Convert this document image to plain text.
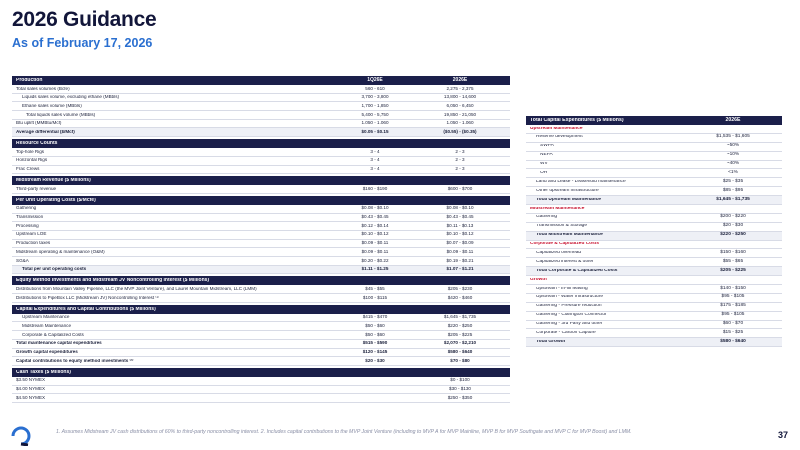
2026 Guidance
As of February 17, 2026
Production	1Q26E	2026E
Total sales volumes (Bcfe)	560 - 610	2,275 - 2,375
Liquids sales volume, excluding ethane (MBbls)	3,700 - 3,800	13,800 - 14,600
Ethane sales volume (MBbls)	1,700 - 1,850	6,050 - 6,450
Total liquids sales volume (MBbls)	5,400 - 5,750	19,850 - 21,050
Btu uplift (MMBtu/Mcf)	1.050 - 1.060	1.050 - 1.060
Average differential ($/Mcf)	$0.05 - $0.15	($0.55) - ($0.35)
Resource Counts
Top-hole Rigs	3 - 4	2 - 3
Horizontal Rigs	3 - 4	2 - 3
Frac Crews	3 - 4	2 - 3
Midstream Revenue ($ Millions)
Third-party revenue	$160 - $190	$600 - $700
Per Unit Operating Costs ($/Mcfe)
Gathering	$0.08 - $0.10	$0.08 - $0.10
Transmission	$0.43 - $0.45	$0.43 - $0.45
Processing	$0.12 - $0.14	$0.11 - $0.13
Upstream LOE	$0.10 - $0.12	$0.10 - $0.12
Production taxes	$0.09 - $0.11	$0.07 - $0.09
Midstream operating & maintenance (O&M)	$0.09 - $0.11	$0.09 - $0.11
SG&A	$0.20 - $0.22	$0.19 - $0.21
Total per unit operating costs	$1.11 - $1.25	$1.07 - $1.21
Equity Method Investments and Midstream JV Noncontrolling Interest ($ Millions)
Distributions from Mountain Valley Pipeline, LLC (the MVP Joint Venture), and Laurel Mountain Midstream, LLC (LMM)	$45 - $55	$205 - $230
Distributions to PipeBox LLC (Midstream JV) Noncontrolling Interest ⁽¹⁾	$100 - $115	$420 - $460
Capital Expenditures and Capital Contributions ($ Millions)
Upstream Maintenance	$415 - $470	$1,645 - $1,735
Midstream Maintenance	$50 - $60	$220 - $250
Corporate & Capitalized Costs	$50 - $60	$205 - $225
Total maintenance capital expenditures	$515 - $590	$2,070 - $2,210
Growth capital expenditures	$120 - $145	$580 - $640
Capital contributions to equity method investments ⁽²⁾	$20 - $30	$70 - $80
Cash Taxes ($ Millions)
$3.50 NYMEX	$0 - $100
$4.00 NYMEX	$30 - $130
$4.50 NYMEX	$250 - $350
Total Capital Expenditures ($ Millions)	2026E
Upstream Maintenance
Reserve development	$1,535 - $1,605
SWPA	~50%
NEPA	~10%
WV	~40%
OH	<1%
Land and Lease - Leasehold maintenance	$25 - $35
Other upstream infrastructure	$85 - $95
Total Upstream Maintenance	$1,645 - $1,735
Midstream Maintenance
Gathering	$200 - $220
Transmission & Storage	$20 - $30
Total Midstream Maintenance	$220 - $250
Corporate & Capitalized Costs
Capitalized overhead	$150 - $160
Capitalized interest & other	$55 - $65
Total Corporate & Capitalized Costs	$205 - $225
Growth
Upstream - In-fill leasing	$140 - $150
Upstream - Water infrastructure	$95 - $105
Gathering - Pressure reduction	$175 - $185
Gathering - Clarington Connector	$95 - $105
Gathering - 3rd Party and other	$60 - $70
Corporate - Carbon Capture	$15 - $25
Total Growth	$580 - $640
1. Assumes Midstream JV cash distributions of 60% to third-party noncontrolling interest. 2. Includes capital contributions to the MVP Joint Venture (including to MVP A for MVP Mainline, MVP B for MVP Southgate and MVP C for MVP Boost) and LMM.	37
